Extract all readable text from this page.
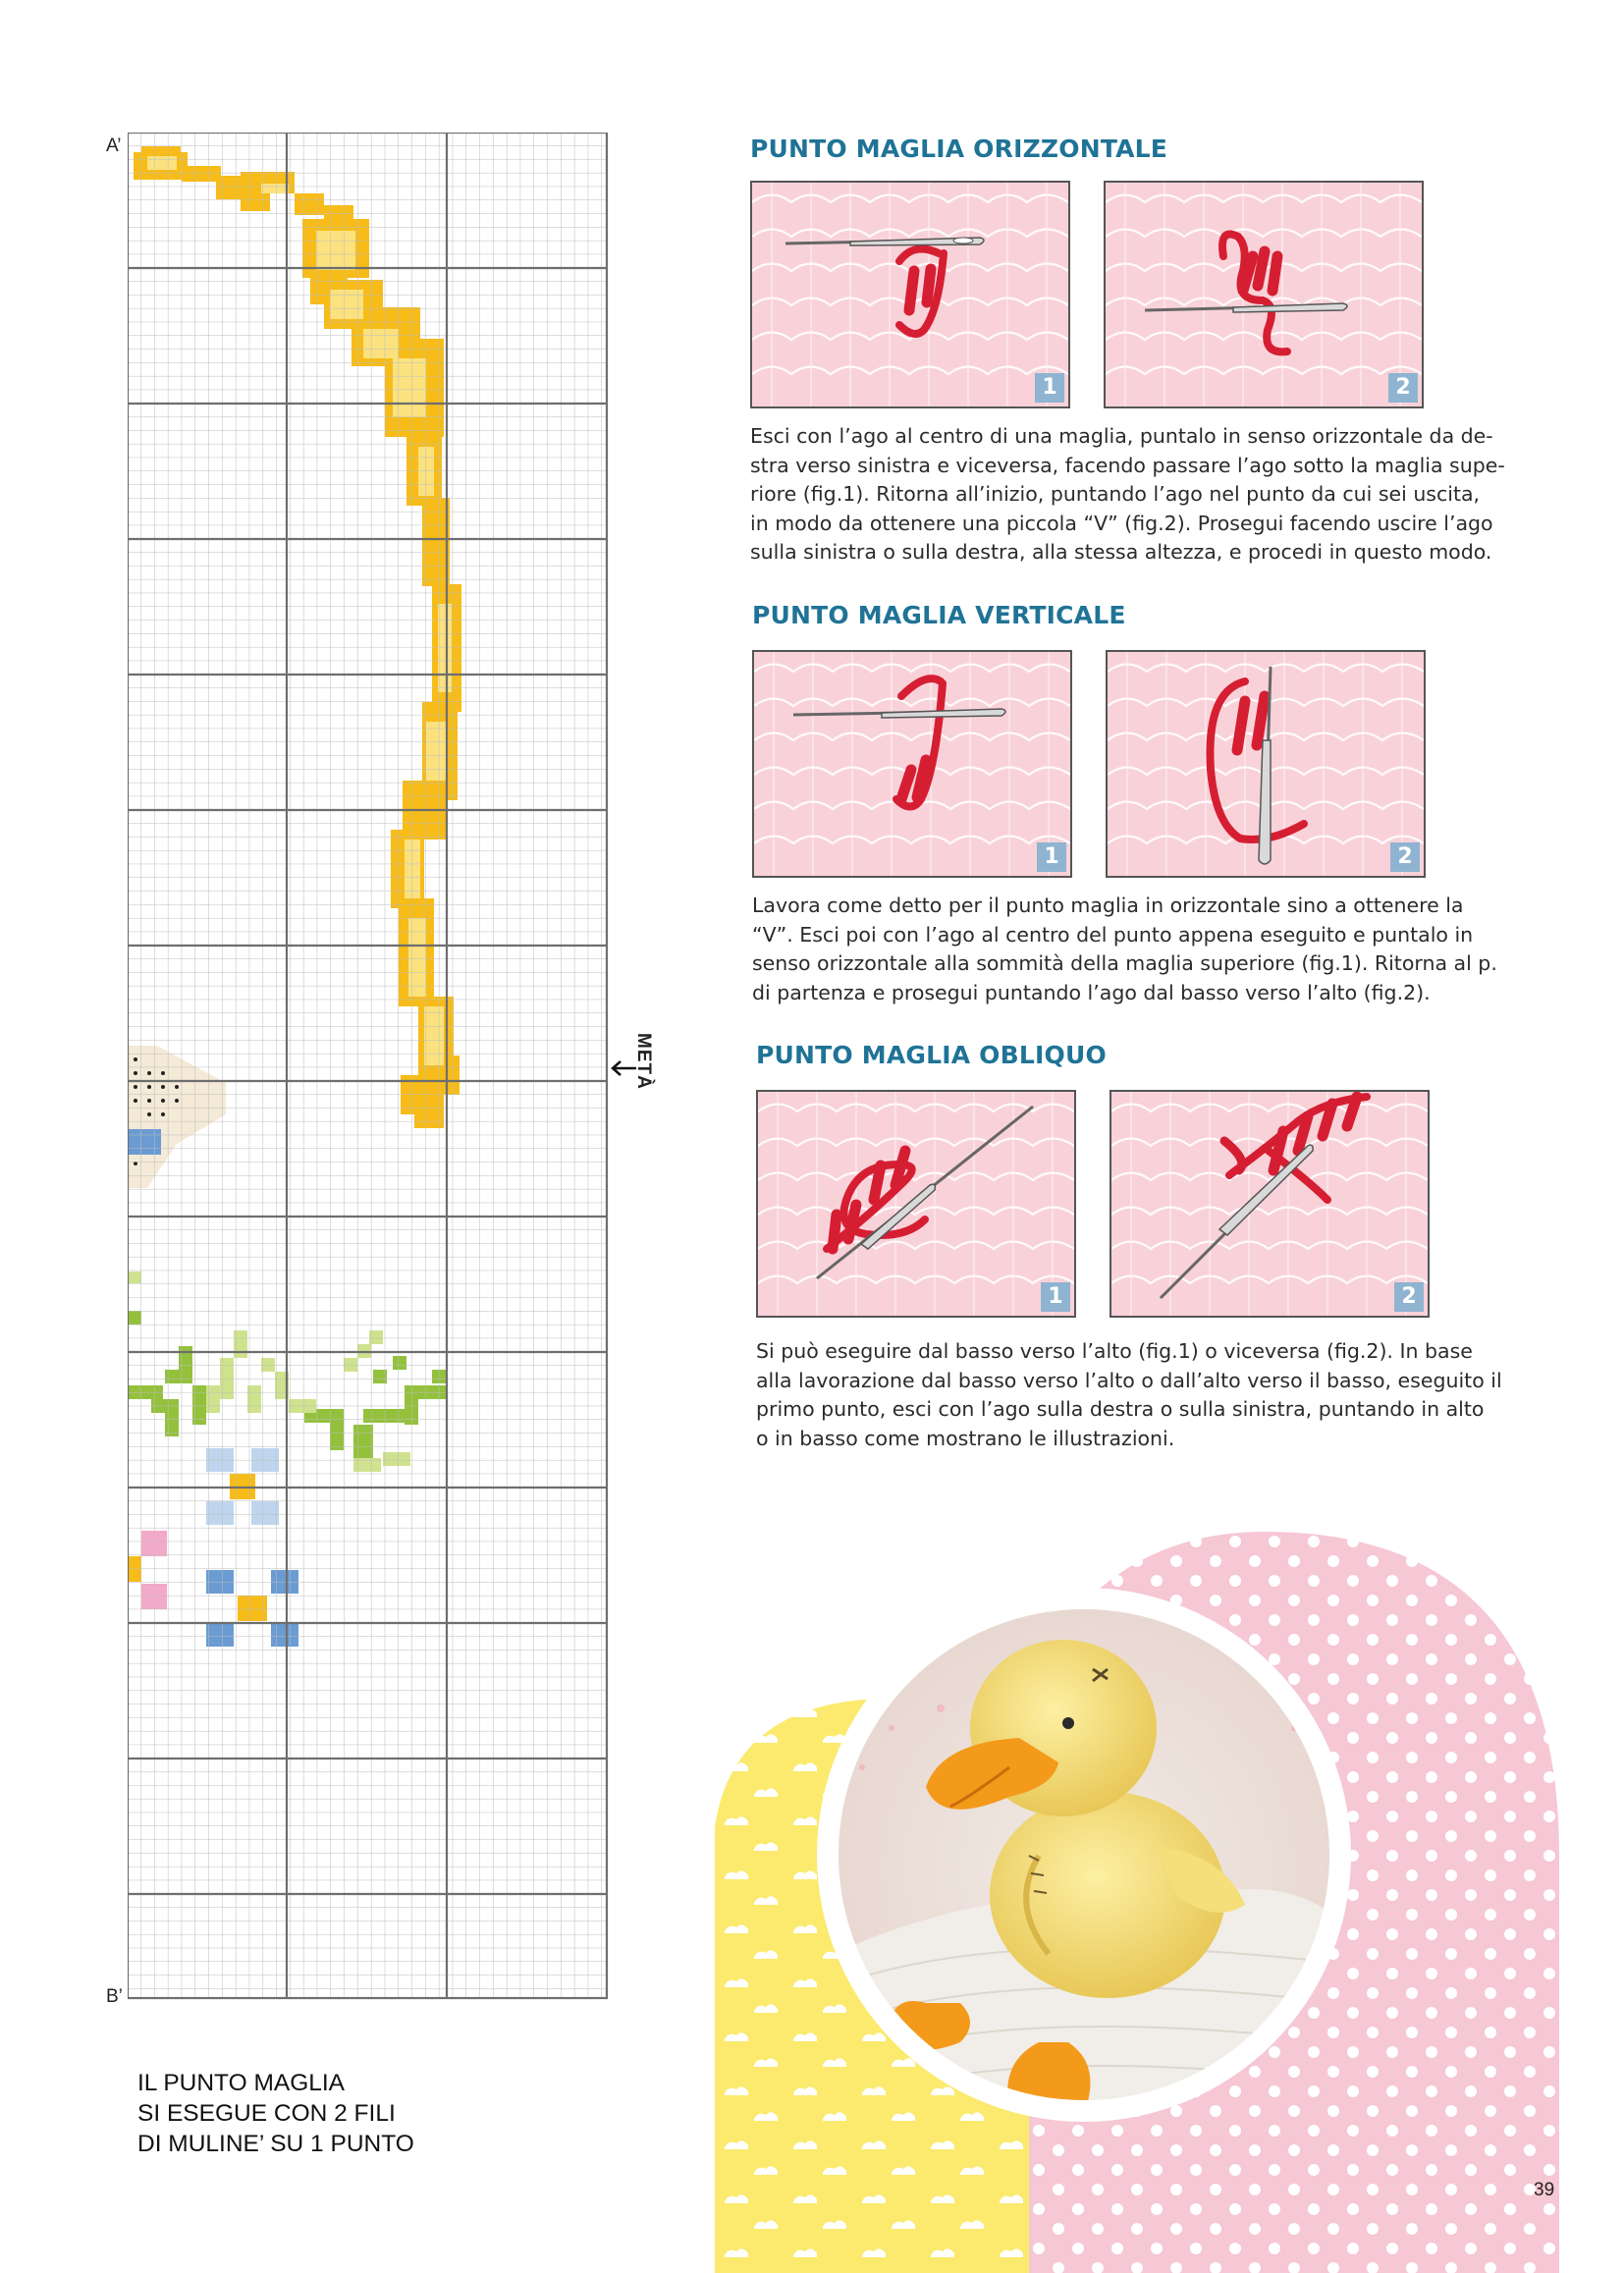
A’
B’
METÀ
PUNTO MAGLIA ORIZZONTALE
1	2
Esci con l’ago al centro di una maglia, puntalo in senso orizzontale da de-
stra verso sinistra e viceversa, facendo passare l’ago sotto la maglia supe-
riore (fig.1). Ritorna all’inizio, puntando l’ago nel punto da cui sei uscita,
in modo da ottenere una piccola “V” (fig.2). Prosegui facendo uscire l’ago
sulla sinistra o sulla destra, alla stessa altezza, e procedi in questo modo.
PUNTO MAGLIA VERTICALE
1	2
Lavora come detto per il punto maglia in orizzontale sino a ottenere la
“V”. Esci poi con l’ago al centro del punto appena eseguito e puntalo in
senso orizzontale alla sommità della maglia superiore (fig.1). Ritorna al p.
di partenza e prosegui puntando l’ago dal basso verso l’alto (fig.2).
PUNTO MAGLIA OBLIQUO
1	2
Si può eseguire dal basso verso l’alto (fig.1) o viceversa (fig.2). In base
alla lavorazione dal basso verso l’alto o dall’alto verso il basso, eseguito il
primo punto, esci con l’ago sulla destra o sulla sinistra, puntando in alto
o in basso come mostrano le illustrazioni.
IL PUNTO MAGLIA
SI ESEGUE CON 2 FILI
DI MULINE’ SU 1 PUNTO
39
